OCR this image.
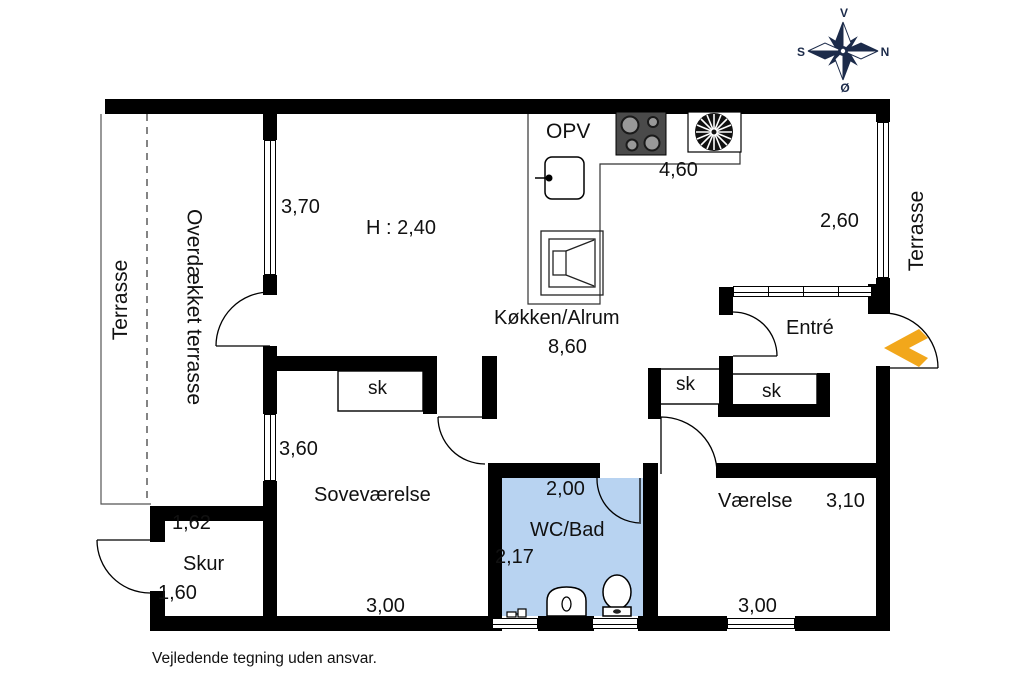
V
S	N
Ø
Terrasse Overdækket terrasse	Terrasse
Køkken/Alrum	Entré
Soveværelse
WC/Bad
Værelse
Skur
sk	sk	sk
OPV
H : 2,40
3,70
4,60
2,60
8,60
3,60
2,00
2,17
3,10
1,62
1,60
3,00	3,00
Vejledende tegning uden ansvar.
